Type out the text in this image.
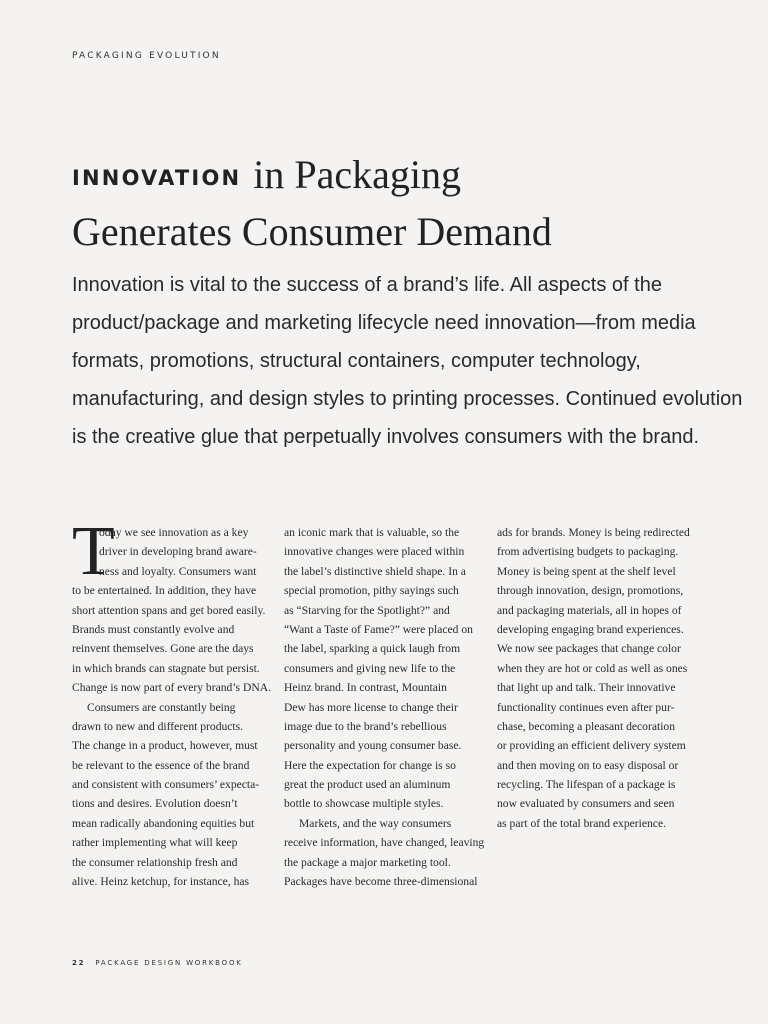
PACKAGING EVOLUTION
INNOVATION in Packaging
Generates Consumer Demand
Innovation is vital to the success of a brand’s life. All aspects of the
product/package and marketing lifecycle need innovation—from media
formats, promotions, structural containers, computer technology,
manufacturing, and design styles to printing processes. Continued evolution
is the creative glue that perpetually involves consumers with the brand.
T
oday we see innovation as a key
driver in developing brand aware-
ness and loyalty. Consumers want
to be entertained. In addition, they have
short attention spans and get bored easily.
Brands must constantly evolve and
reinvent themselves. Gone are the days
in which brands can stagnate but persist.
Change is now part of every brand’s DNA.
Consumers are constantly being
drawn to new and different products.
The change in a product, however, must
be relevant to the essence of the brand
and consistent with consumers’ expecta-
tions and desires. Evolution doesn’t
mean radically abandoning equities but
rather implementing what will keep
the consumer relationship fresh and
alive. Heinz ketchup, for instance, has
an iconic mark that is valuable, so the
innovative changes were placed within
the label’s distinctive shield shape. In a
special promotion, pithy sayings such
as “Starving for the Spotlight?” and
“Want a Taste of Fame?” were placed on
the label, sparking a quick laugh from
consumers and giving new life to the
Heinz brand. In contrast, Mountain
Dew has more license to change their
image due to the brand’s rebellious
personality and young consumer base.
Here the expectation for change is so
great the product used an aluminum
bottle to showcase multiple styles.
Markets, and the way consumers
receive information, have changed, leaving
the package a major marketing tool.
Packages have become three-dimensional
ads for brands. Money is being redirected
from advertising budgets to packaging.
Money is being spent at the shelf level
through innovation, design, promotions,
and packaging materials, all in hopes of
developing engaging brand experiences.
We now see packages that change color
when they are hot or cold as well as ones
that light up and talk. Their innovative
functionality continues even after pur-
chase, becoming a pleasant decoration
or providing an efficient delivery system
and then moving on to easy disposal or
recycling. The lifespan of a package is
now evaluated by consumers and seen
as part of the total brand experience.
22 PACKAGE DESIGN WORKBOOK
